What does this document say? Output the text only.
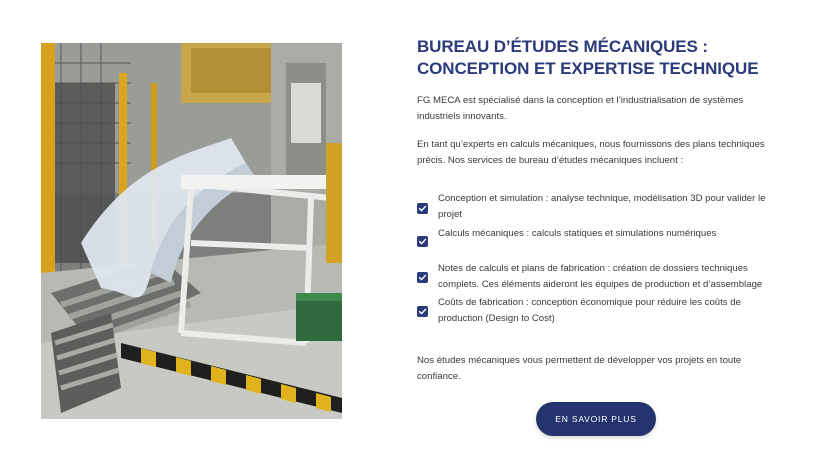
BUREAU D’ÉTUDES MÉCANIQUES :
CONCEPTION ET EXPERTISE TECHNIQUE

FG MECA est spécialisé dans la conception et l’industrialisation de systèmes industriels innovants.

En tant qu’experts en calculs mécaniques, nous fournissons des plans techniques précis. Nos services de bureau d’études mécaniques incluent :

Conception et simulation : analyse technique, modélisation 3D pour valider le projet
Calculs mécaniques : calculs statiques et simulations numériques
Notes de calculs et plans de fabrication : création de dossiers techniques complets. Ces éléments aideront les équipes de production et d’assemblage
Coûts de fabrication : conception économique pour réduire les coûts de production (Design to Cost)

Nos études mécaniques vous permettent de développer vos projets en toute confiance.

EN SAVOIR PLUS
